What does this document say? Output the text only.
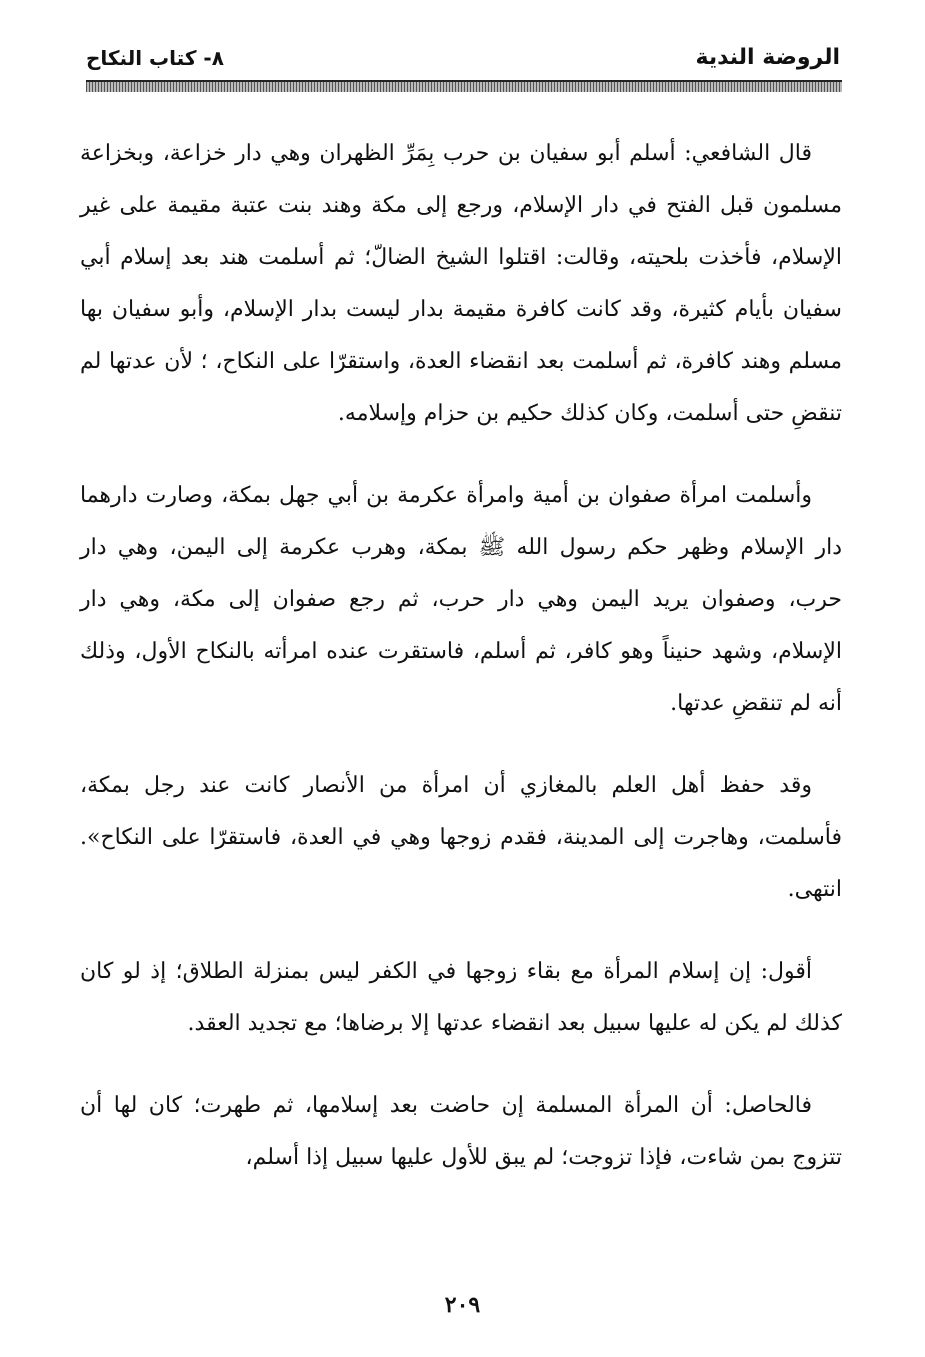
الروضة الندية
٨- كتاب النكاح

قال الشافعي: أسلم أبو سفيان بن حرب بِمَرِّ الظهران وهي دار خزاعة، وبخزاعة مسلمون قبل الفتح في دار الإسلام، ورجع إلى مكة وهند بنت عتبة مقيمة على غير الإسلام، فأخذت بلحيته، وقالت: اقتلوا الشيخ الضالّ؛ ثم أسلمت هند بعد إسلام أبي سفيان بأيام كثيرة، وقد كانت كافرة مقيمة بدار ليست بدار الإسلام، وأبو سفيان بها مسلم وهند كافرة، ثم أسلمت بعد انقضاء العدة، واستقرّا على النكاح، ؛ لأن عدتها لم تنقضِ حتى أسلمت، وكان كذلك حكيم بن حزام وإسلامه.

وأسلمت امرأة صفوان بن أمية وامرأة عكرمة بن أبي جهل بمكة، وصارت دارهما دار الإسلام وظهر حكم رسول الله ﷺ بمكة، وهرب عكرمة إلى اليمن، وهي دار حرب، وصفوان يريد اليمن وهي دار حرب، ثم رجع صفوان إلى مكة، وهي دار الإسلام، وشهد حنيناً وهو كافر، ثم أسلم، فاستقرت عنده امرأته بالنكاح الأول، وذلك أنه لم تنقضِ عدتها.

وقد حفظ أهل العلم بالمغازي أن امرأة من الأنصار كانت عند رجل بمكة، فأسلمت، وهاجرت إلى المدينة، فقدم زوجها وهي في العدة، فاستقرّا على النكاح». انتهى.

أقول: إن إسلام المرأة مع بقاء زوجها في الكفر ليس بمنزلة الطلاق؛ إذ لو كان كذلك لم يكن له عليها سبيل بعد انقضاء عدتها إلا برضاها؛ مع تجديد العقد.

فالحاصل: أن المرأة المسلمة إن حاضت بعد إسلامها، ثم طهرت؛ كان لها أن تتزوج بمن شاءت، فإذا تزوجت؛ لم يبق للأول عليها سبيل إذا أسلم،

٢٠٩
